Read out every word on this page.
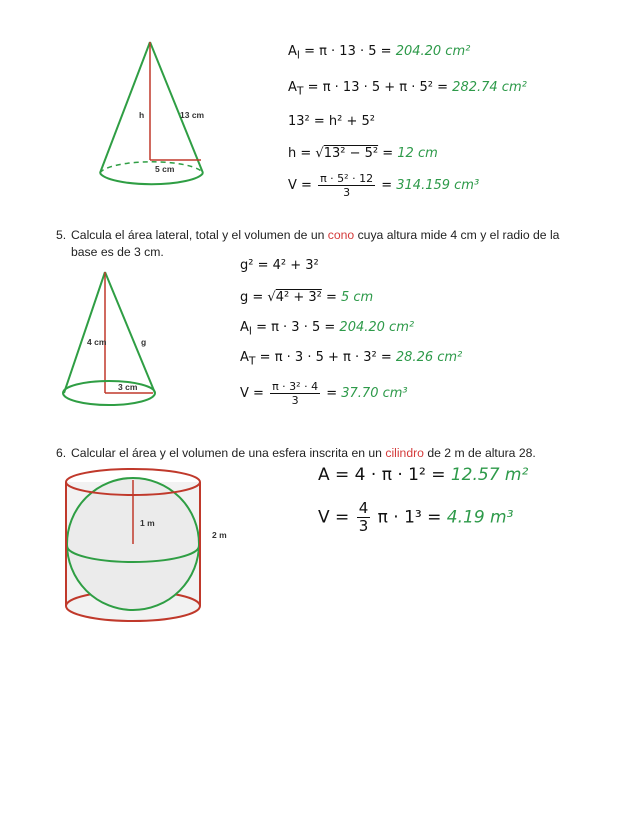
h	13 cm
5 cm
$A_l = \pi \cdot 13 \cdot 5 = 204.20$ cm²
$A_T = \pi \cdot 13 \cdot 5 + \pi \cdot 5^2 = 282.74$ cm²
13² = h² + 5²
h = √13² − 5² = 12 cm
$V = \frac{\text{π · 5² · 12}}{3} = 314.159$ cm³
5. Calcula el área lateral, total y el volumen de un cono cuya altura mide 4 cm y el radio de la
base es de 3 cm.
4 cm	g
3 cm
g² = 4² + 3²
g = √4² + 3² = 5 cm
$A_l = \pi \cdot 3 \cdot 5 = 204.20$ cm²
$A_T = \pi \cdot 3 \cdot 5 + \pi \cdot 3^2 = 28.26$ cm²
$V = \frac{\text{π · 3² · 4}}{3} = 37.70$ cm³
6. Calcular el área y el volumen de una esfera inscrita en un cilindro de 2 m de altura 28.
1 m
2 m
A = 4 · π · 1² = 12.57 m²
$V = \frac{4}{3}$ π · 1³ = 4.19 m³
